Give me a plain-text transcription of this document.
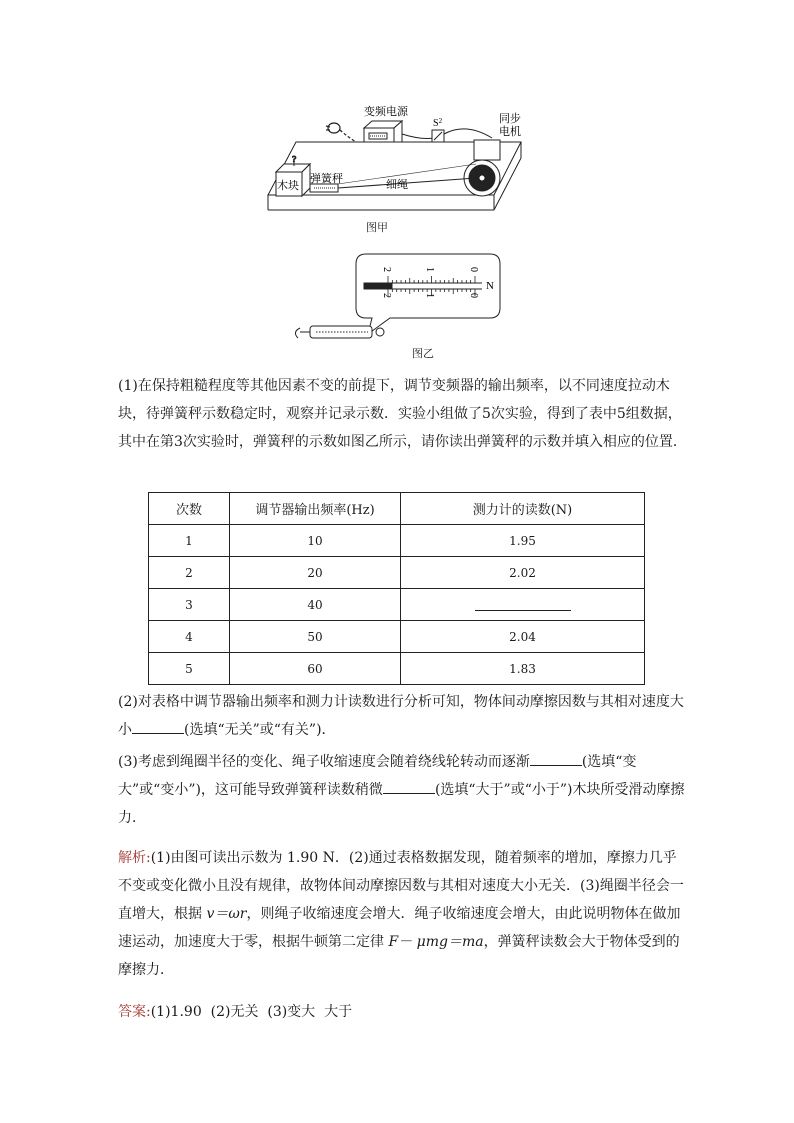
变频电源
$S^2$	同步
电机
?
木块
弹簧秤	细绳
图甲
2	1	0
2	1	0
N
图乙
(1)在保持粗糙程度等其他因素不变的前提下，调节变频器的输出频率，以不同速度拉动木块，待弹簧秤示数稳定时，观察并记录示数．实验小组做了5次实验，得到了表中5组数据，其中在第3次实验时，弹簧秤的示数如图乙所示，请你读出弹簧秤的示数并填入相应的位置．
次数	调节器输出频率(Hz)	测力计的读数(N)
1	10	1.95
2	20	2.02
3	40	
4	50	2.04
5	60	1.83
(2)对表格中调节器输出频率和测力计读数进行分析可知，物体间动摩擦因数与其相对速度大小	(选填“无关”或“有关”)．
(3)考虑到绳圈半径的变化、绳子收缩速度会随着绕线轮转动而逐渐	(选填“变大”或“变小”)，这可能导致弹簧秤读数稍微	(选填“大于”或“小于”)木块所受滑动摩擦力．
解析:(1)由图可读出示数为 1.90 N．(2)通过表格数据发现，随着频率的增加，摩擦力几乎不变或变化微小且没有规律，故物体间动摩擦因数与其相对速度大小无关．(3)绳圈半径会一直增大，根据 v＝ωr，则绳子收缩速度会增大．绳子收缩速度会增大，由此说明物体在做加速运动，加速度大于零，根据牛顿第二定律 F－ μmg＝ma，弹簧秤读数会大于物体受到的摩擦力．
答案:(1)1.90  (2)无关  (3)变大  大于
